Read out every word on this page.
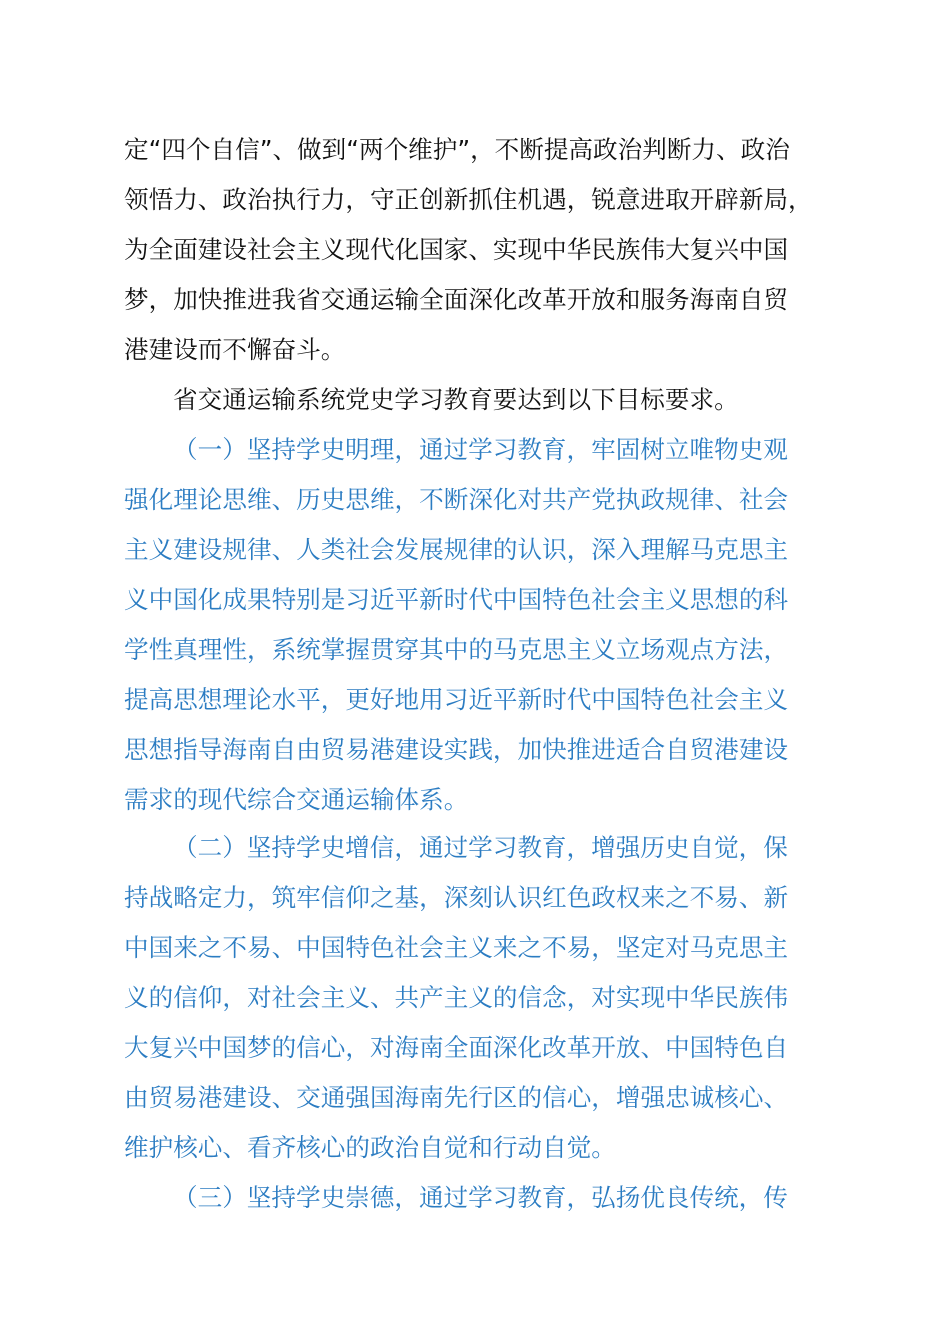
定“四个自信”、做到“两个维护”，不断提高政治判断力、政治
领悟力、政治执行力，守正创新抓住机遇，锐意进取开辟新局，
为全面建设社会主义现代化国家、实现中华民族伟大复兴中国
梦，加快推进我省交通运输全面深化改革开放和服务海南自贸
港建设而不懈奋斗。
省交通运输系统党史学习教育要达到以下目标要求。
（一）坚持学史明理，通过学习教育，牢固树立唯物史观
强化理论思维、历史思维，不断深化对共产党执政规律、社会
主义建设规律、人类社会发展规律的认识，深入理解马克思主
义中国化成果特别是习近平新时代中国特色社会主义思想的科
学性真理性，系统掌握贯穿其中的马克思主义立场观点方法，
提高思想理论水平，更好地用习近平新时代中国特色社会主义
思想指导海南自由贸易港建设实践，加快推进适合自贸港建设
需求的现代综合交通运输体系。
（二）坚持学史增信，通过学习教育，增强历史自觉，保
持战略定力，筑牢信仰之基，深刻认识红色政权来之不易、新
中国来之不易、中国特色社会主义来之不易，坚定对马克思主
义的信仰，对社会主义、共产主义的信念，对实现中华民族伟
大复兴中国梦的信心，对海南全面深化改革开放、中国特色自
由贸易港建设、交通强国海南先行区的信心，增强忠诚核心、
维护核心、看齐核心的政治自觉和行动自觉。
（三）坚持学史崇德，通过学习教育，弘扬优良传统，传
